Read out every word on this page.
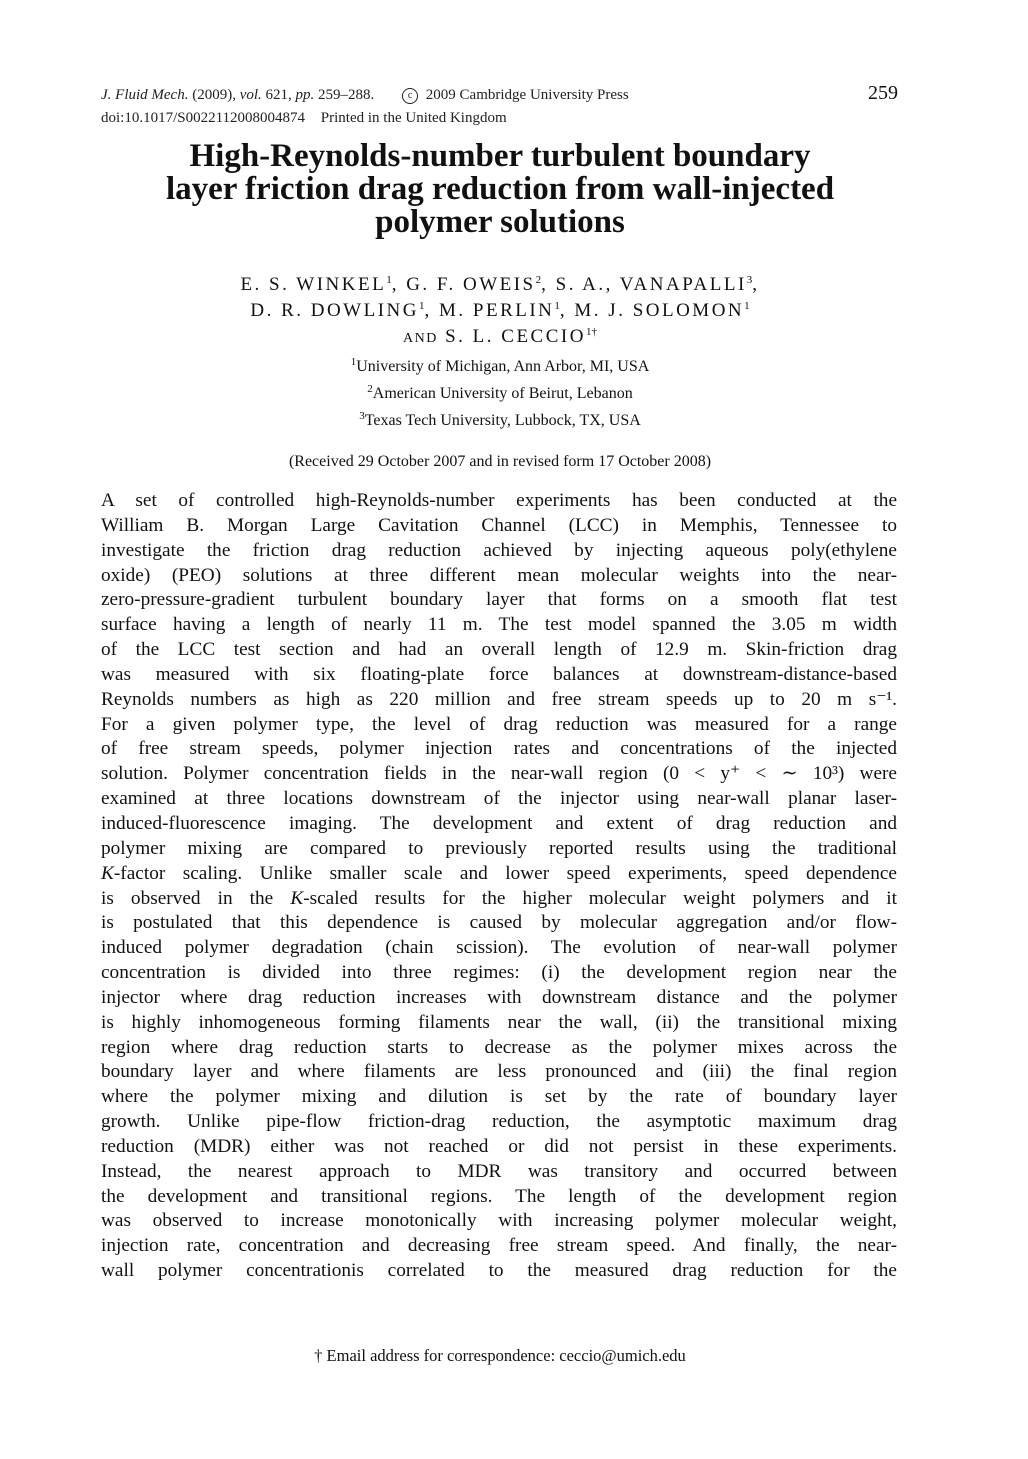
J. Fluid Mech. (2009), vol. 621, pp. 259–288.	c 2009 Cambridge University Press
doi:10.1017/S0022112008004874 Printed in the United Kingdom
259
High-Reynolds-number turbulent boundary
layer friction drag reduction from wall-injected
polymer solutions
E. S. WINKEL$^1$, G. F. OWEIS$^2$, S. A., VANAPALLI$^3$,
D. R. DOWLING$^1$, M. PERLIN$^1$, M. J. SOLOMON$^1$
AND S. L. $CECCIO^{1\dagger}$
$^1$University of Michigan, Ann Arbor, MI, USA
$^2$American University of Beirut, Lebanon
$^3$Texas Tech University, Lubbock, TX, USA
(Received 29 October 2007 and in revised form 17 October 2008)
A set of controlled high-Reynolds-number experiments has been conducted at the
William B. Morgan Large Cavitation Channel (LCC) in Memphis, Tennessee to
investigate the friction drag reduction achieved by injecting aqueous poly(ethylene
oxide) (PEO) solutions at three different mean molecular weights into the near-
zero-pressure-gradient turbulent boundary layer that forms on a smooth flat test
surface having a length of nearly 11 m. The test model spanned the 3.05 m width
of the LCC test section and had an overall length of 12.9 m. Skin-friction drag
was measured with six floating-plate force balances at downstream-distance-based
Reynolds numbers as high as 220 million and free stream speeds up to 20 m s⁻¹.
For a given polymer type, the level of drag reduction was measured for a range
of free stream speeds, polymer injection rates and concentrations of the injected
solution. Polymer concentration fields in the near-wall region (0 < y⁺ < ∼ 10³) were
examined at three locations downstream of the injector using near-wall planar laser-
induced-fluorescence imaging. The development and extent of drag reduction and
polymer mixing are compared to previously reported results using the traditional
K-factor scaling. Unlike smaller scale and lower speed experiments, speed dependence
is observed in the K-scaled results for the higher molecular weight polymers and it
is postulated that this dependence is caused by molecular aggregation and/or flow-
induced polymer degradation (chain scission). The evolution of near-wall polymer
concentration is divided into three regimes: (i) the development region near the
injector where drag reduction increases with downstream distance and the polymer
is highly inhomogeneous forming filaments near the wall, (ii) the transitional mixing
region where drag reduction starts to decrease as the polymer mixes across the
boundary layer and where filaments are less pronounced and (iii) the final region
where the polymer mixing and dilution is set by the rate of boundary layer
growth. Unlike pipe-flow friction-drag reduction, the asymptotic maximum drag
reduction (MDR) either was not reached or did not persist in these experiments.
Instead, the nearest approach to MDR was transitory and occurred between
the development and transitional regions. The length of the development region
was observed to increase monotonically with increasing polymer molecular weight,
injection rate, concentration and decreasing free stream speed. And finally, the near-
wall polymer concentrationis correlated to the measured drag reduction for the
† Email address for correspondence: ceccio@umich.edu
